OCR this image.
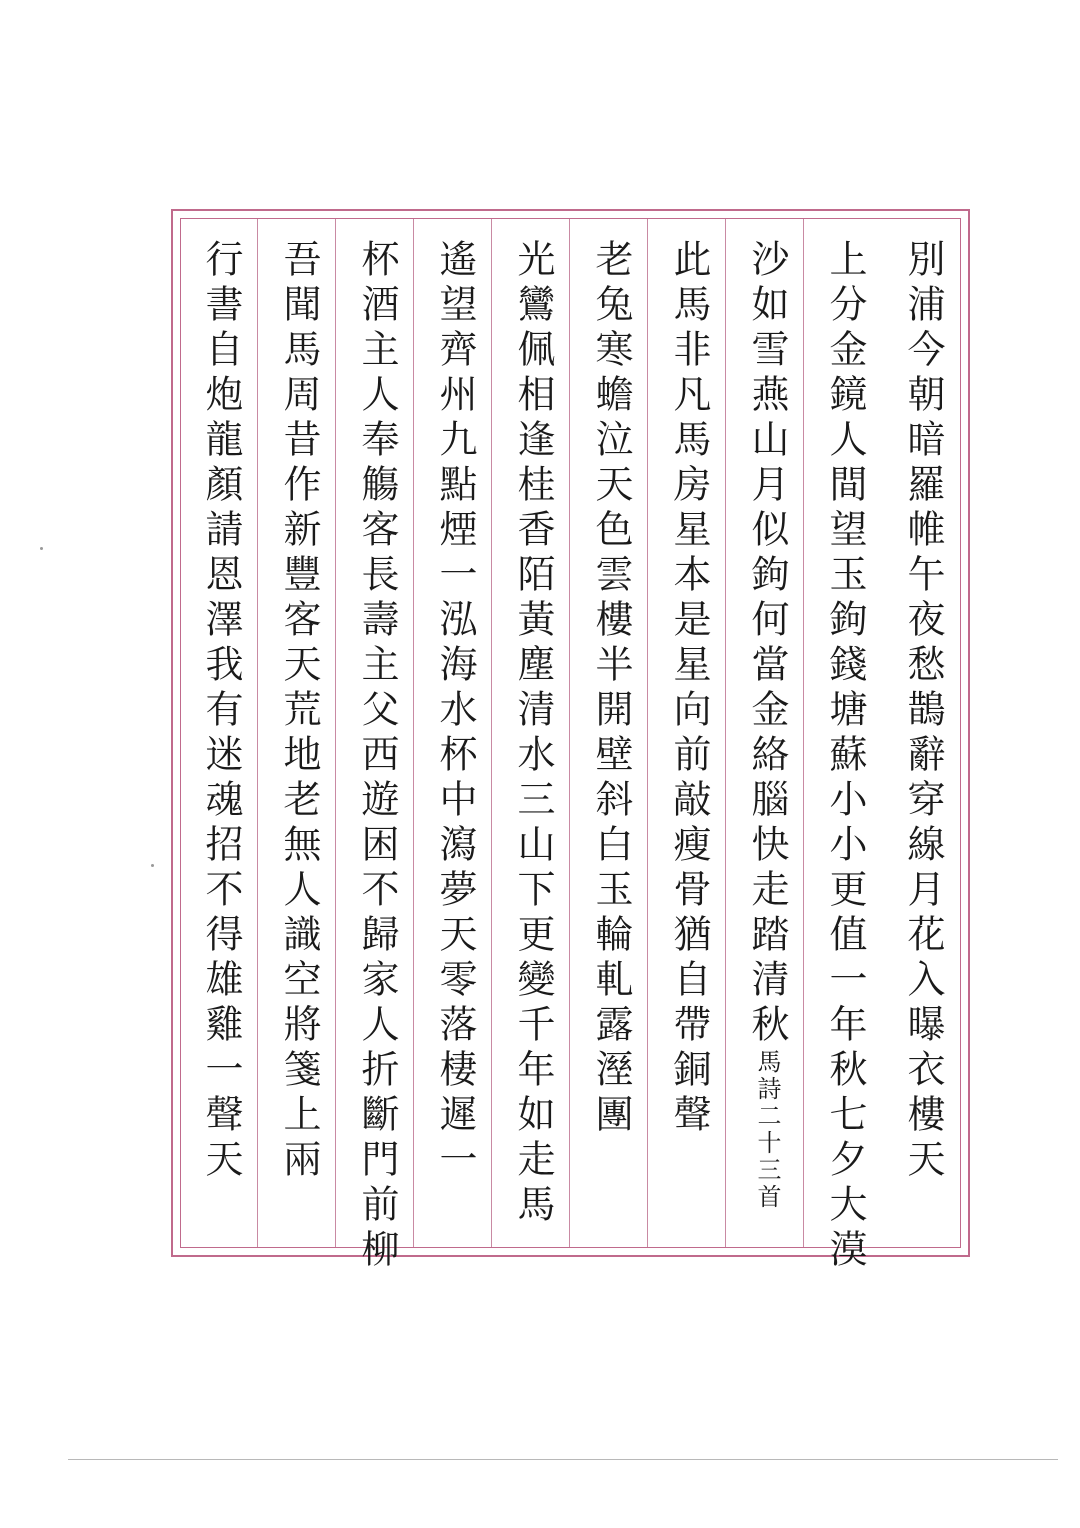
別浦今朝暗羅帷午夜愁鵲辭穿線月花入曝衣樓天
上分金鏡人間望玉鉤錢塘蘇小小更值一年秋七夕大漠
沙如雪燕山月似鉤何當金絡腦快走踏清秋馬詩二十三首
此馬非凡馬房星本是星向前敲瘦骨猶自帶銅聲
老兔寒蟾泣天色雲樓半開壁斜白玉輪軋露溼團
光鸞佩相逢桂香陌黃塵清水三山下更變千年如走馬
遙望齊州九點煙一泓海水杯中瀉夢天零落棲遲一
杯酒主人奉觴客長壽主父西遊困不歸家人折斷門前柳
吾聞馬周昔作新豐客天荒地老無人識空將箋上兩
行書自炮龍顏請恩澤我有迷魂招不得雄雞一聲天
